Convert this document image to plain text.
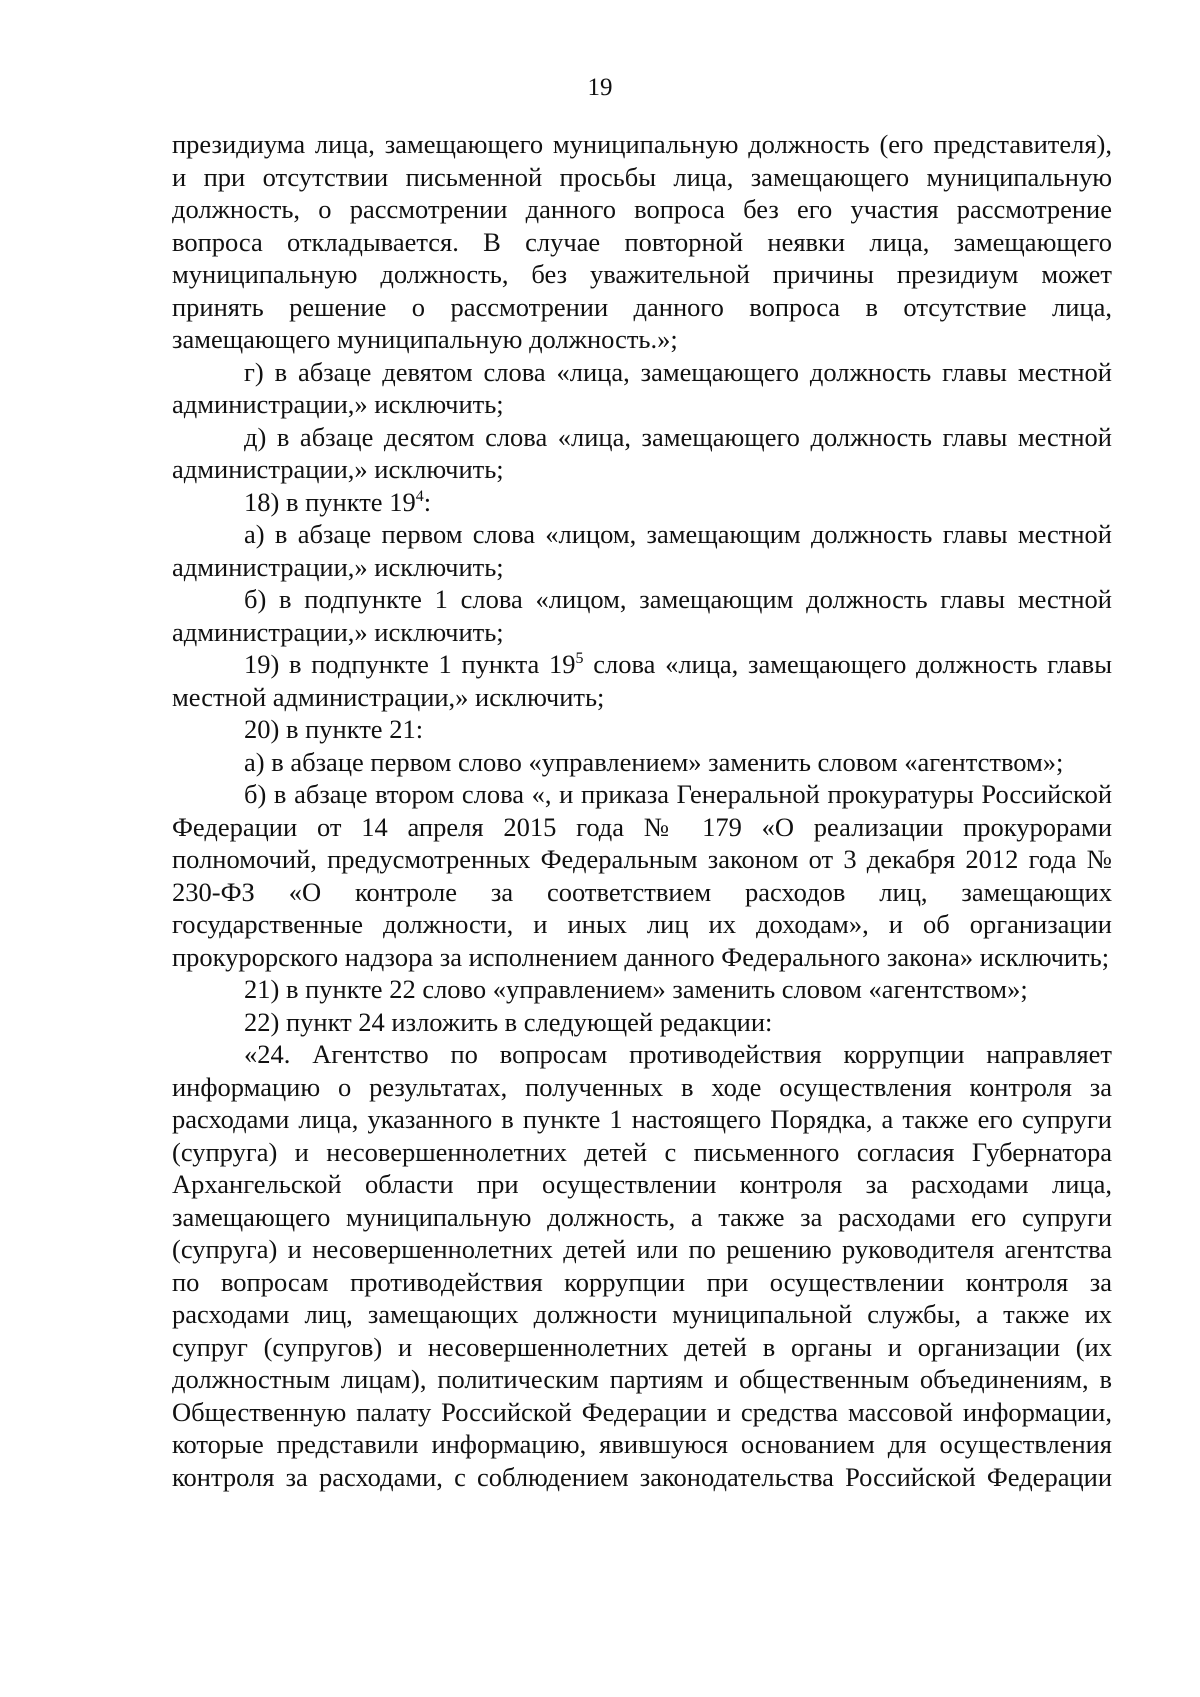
19

президиума лица, замещающего муниципальную должность (его представителя), и при отсутствии письменной просьбы лица, замещающего муниципальную должность, о рассмотрении данного вопроса без его участия рассмотрение вопроса откладывается. В случае повторной неявки лица, замещающего муниципальную должность, без уважительной причины президиум может принять решение о рассмотрении данного вопроса в отсутствие лица, замещающего муниципальную должность.»;

г) в абзаце девятом слова «лица, замещающего должность главы местной администрации,» исключить;

д) в абзаце десятом слова «лица, замещающего должность главы местной администрации,» исключить;

18) в пункте $19^4$:

а) в абзаце первом слова «лицом, замещающим должность главы местной администрации,» исключить;

б) в подпункте 1 слова «лицом, замещающим должность главы местной администрации,» исключить;

19) в подпункте 1 пункта $19^5$ слова «лица, замещающего должность главы местной администрации,» исключить;

20) в пункте 21:

а) в абзаце первом слово «управлением» заменить словом «агентством»;

б) в абзаце втором слова «, и приказа Генеральной прокуратуры Российской Федерации от 14 апреля 2015 года № 179 «О реализации прокурорами полномочий, предусмотренных Федеральным законом от 3 декабря 2012 года № 230-ФЗ «О контроле за соответствием расходов лиц, замещающих государственные должности, и иных лиц их доходам», и об организации прокурорского надзора за исполнением данного Федерального закона» исключить;

21) в пункте 22 слово «управлением» заменить словом «агентством»;

22) пункт 24 изложить в следующей редакции:

«24. Агентство по вопросам противодействия коррупции направляет информацию о результатах, полученных в ходе осуществления контроля за расходами лица, указанного в пункте 1 настоящего Порядка, а также его супруги (супруга) и несовершеннолетних детей с письменного согласия Губернатора Архангельской области при осуществлении контроля за расходами лица, замещающего муниципальную должность, а также за расходами его супруги (супруга) и несовершеннолетних детей или по решению руководителя агентства по вопросам противодействия коррупции при осуществлении контроля за расходами лиц, замещающих должности муниципальной службы, а также их супруг (супругов) и несовершеннолетних детей в органы и организации (их должностным лицам), политическим партиям и общественным объединениям, в Общественную палату Российской Федерации и средства массовой информации, которые представили информацию, явившуюся основанием для осуществления контроля за расходами, с соблюдением законодательства Российской Федерации
